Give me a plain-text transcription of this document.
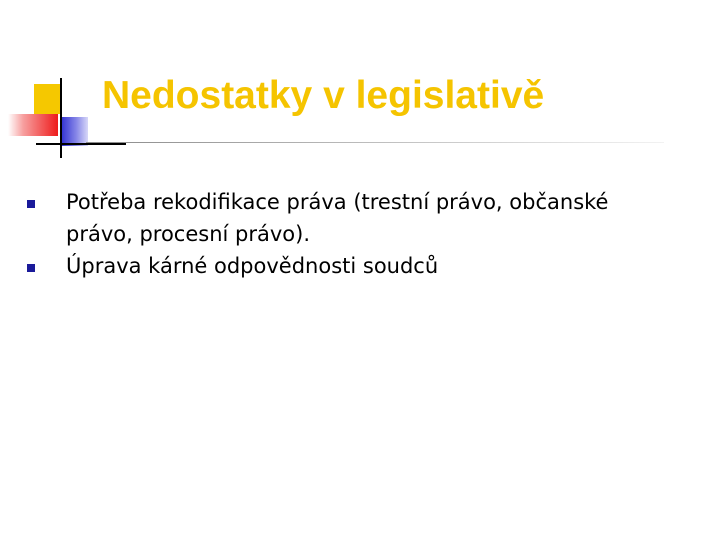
Nedostatky v legislativě
Potřeba rekodifikace práva (trestní právo, občanské právo, procesní právo).
Úprava kárné odpovědnosti soudců
